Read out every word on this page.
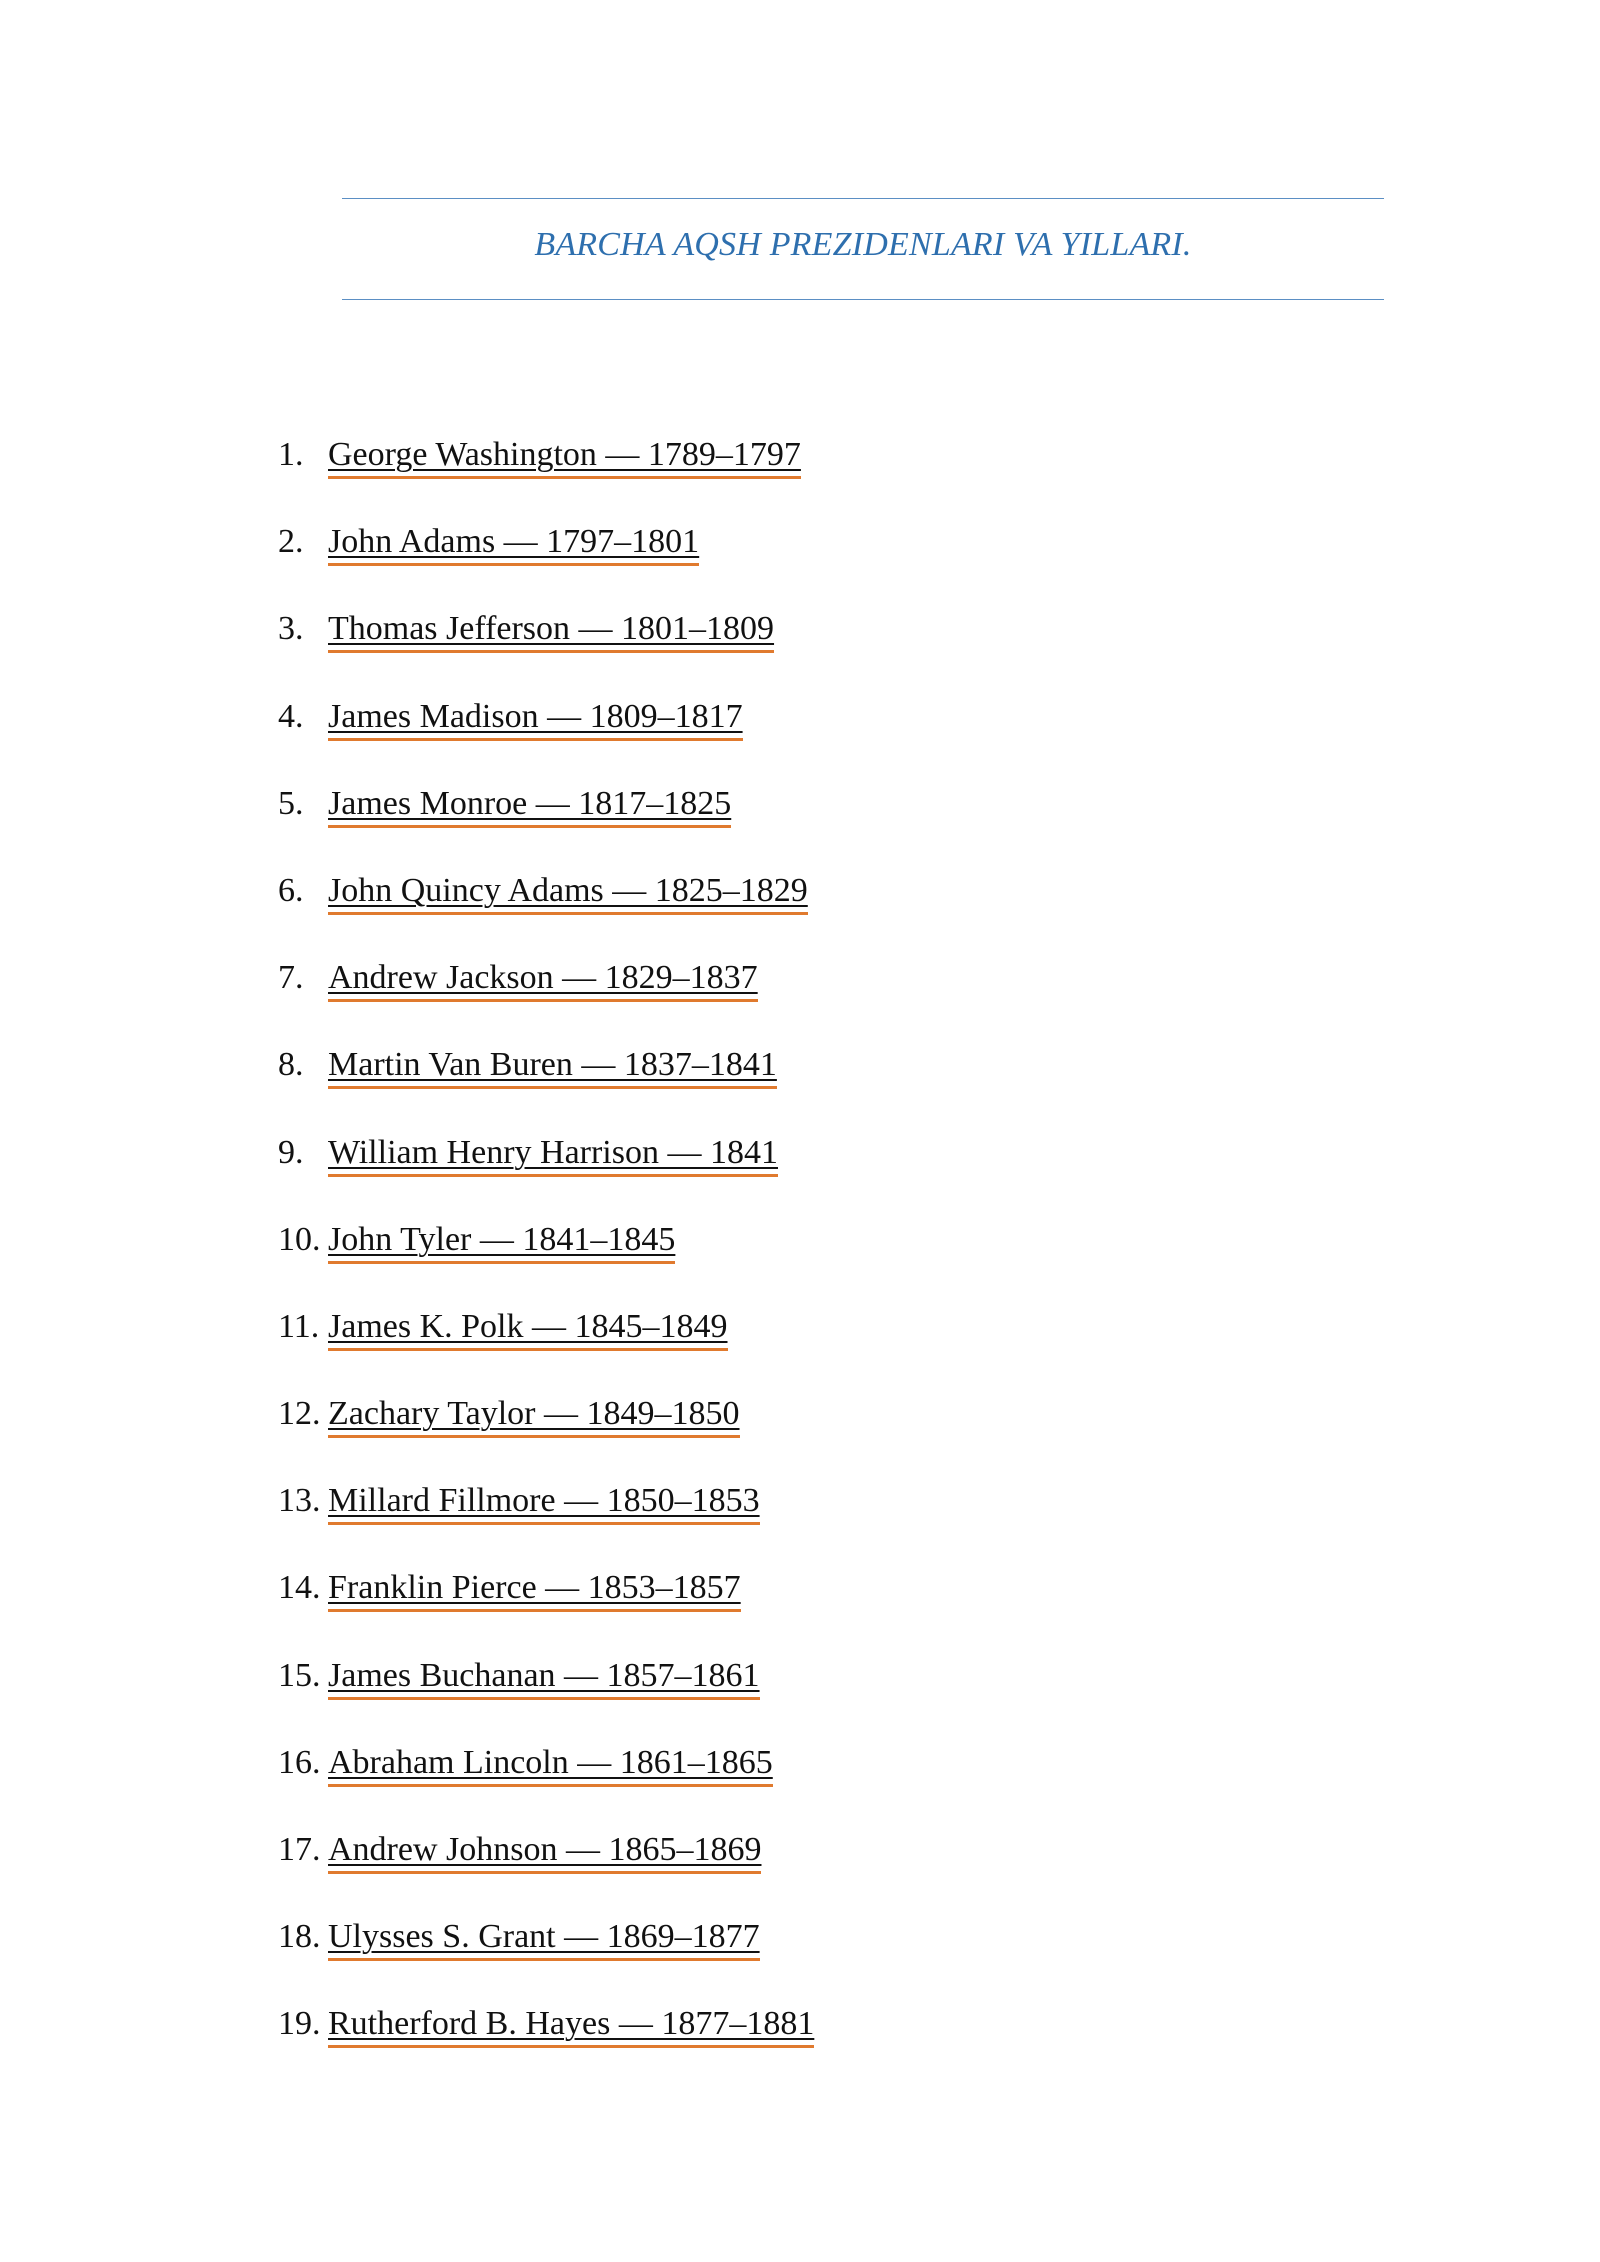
BARCHA AQSH PREZIDENLARI VA YILLARI.
1. George Washington — 1789–1797
2. John Adams — 1797–1801
3. Thomas Jefferson — 1801–1809
4. James Madison — 1809–1817
5. James Monroe — 1817–1825
6. John Quincy Adams — 1825–1829
7. Andrew Jackson — 1829–1837
8. Martin Van Buren — 1837–1841
9. William Henry Harrison — 1841
10. John Tyler — 1841–1845
11. James K. Polk — 1845–1849
12. Zachary Taylor — 1849–1850
13. Millard Fillmore — 1850–1853
14. Franklin Pierce — 1853–1857
15. James Buchanan — 1857–1861
16. Abraham Lincoln — 1861–1865
17. Andrew Johnson — 1865–1869
18. Ulysses S. Grant — 1869–1877
19. Rutherford B. Hayes — 1877–1881
